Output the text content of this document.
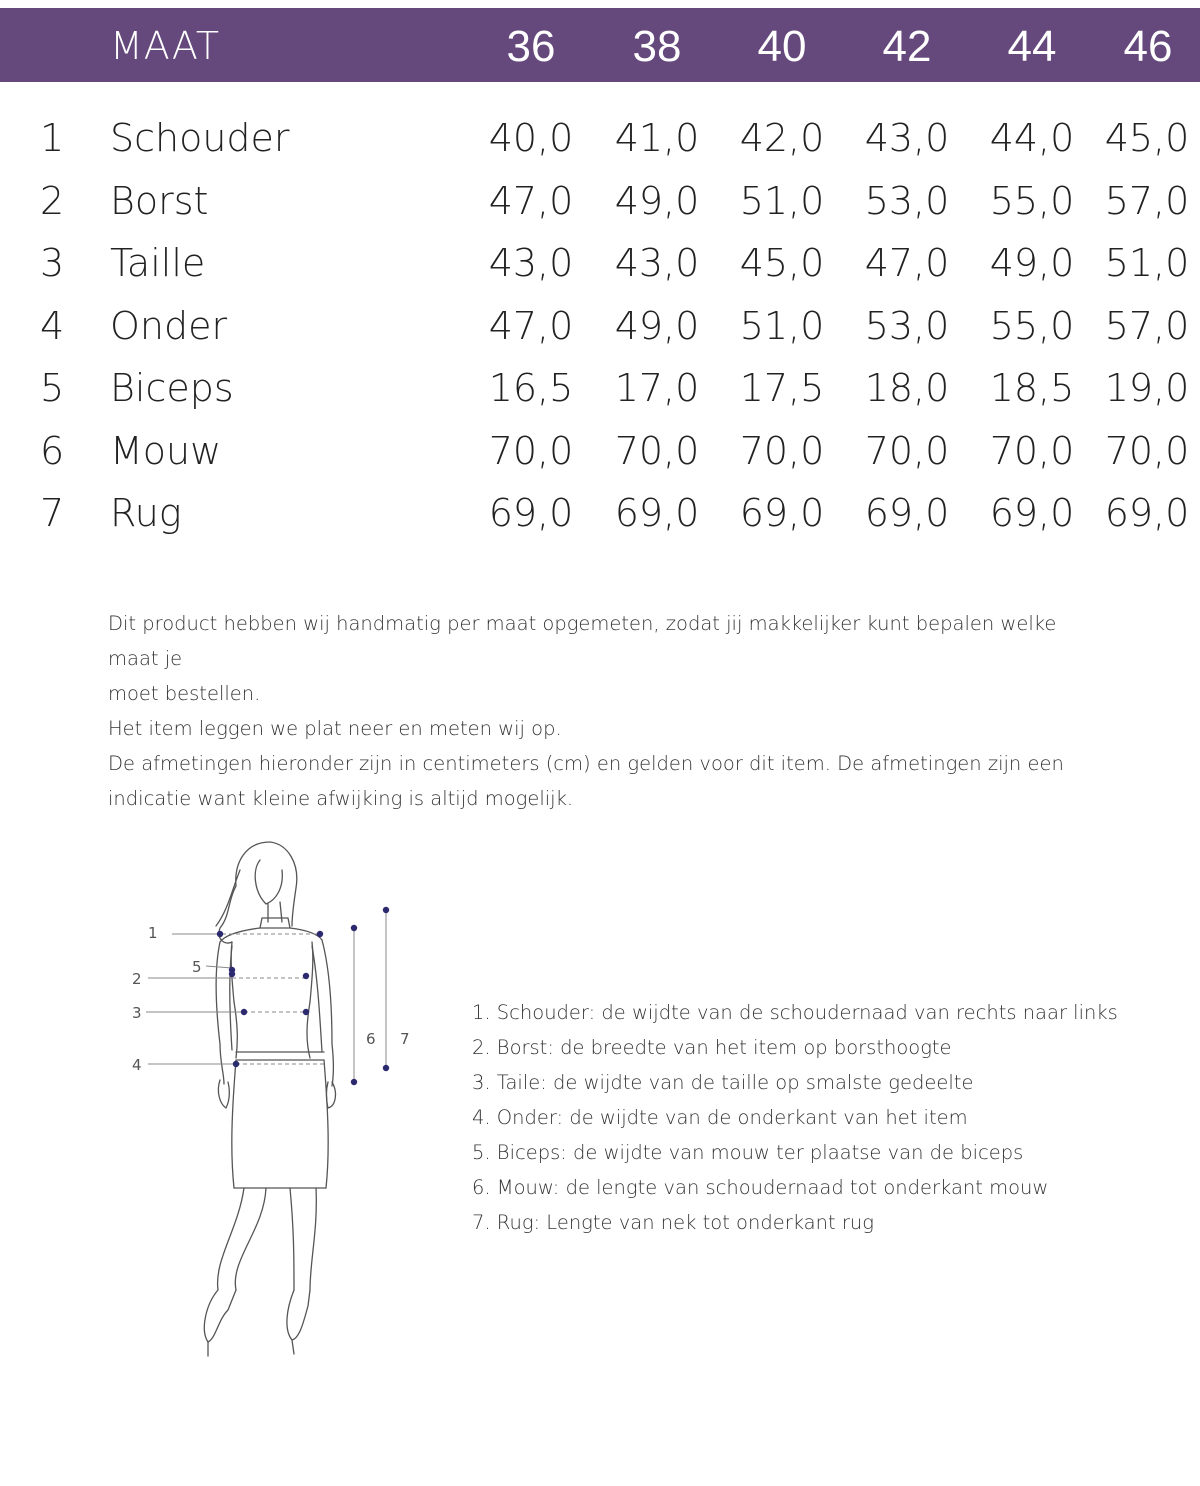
MAAT	36	38	40	42	44	46
1 Schouder	40,0	41,0	42,0	43,0	44,0 45,0
2 Borst	47,0	49,0	51,0	53,0	55,0 57,0
3 Taille	43,0	43,0	45,0	47,0	49,0 51,0
4 Onder	47,0	49,0	51,0	53,0	55,0 57,0
5 Biceps	16,5	17,0	17,5	18,0	18,5 19,0
6 Mouw	70,0	70,0	70,0	70,0	70,0 70,0
7 Rug	69,0	69,0	69,0	69,0	69,0 69,0

Dit product hebben wij handmatig per maat opgemeten, zodat jij makkelijker kunt bepalen welke maat je

moet bestellen.

Het item leggen we plat neer en meten wij op.

De afmetingen hieronder zijn in centimeters (cm) en gelden voor dit item. De afmetingen zijn een

indicatie want kleine afwijking is altijd mogelijk.

1
2
3
4
5
6 7

1. Schouder: de wijdte van de schoudernaad van rechts naar links

2. Borst: de breedte van het item op borsthoogte

3. Taile: de wijdte van de taille op smalste gedeelte

4. Onder: de wijdte van de onderkant van het item

5. Biceps: de wijdte van mouw ter plaatse van de biceps

6. Mouw: de lengte van schoudernaad tot onderkant mouw

7. Rug: Lengte van nek tot onderkant rug
